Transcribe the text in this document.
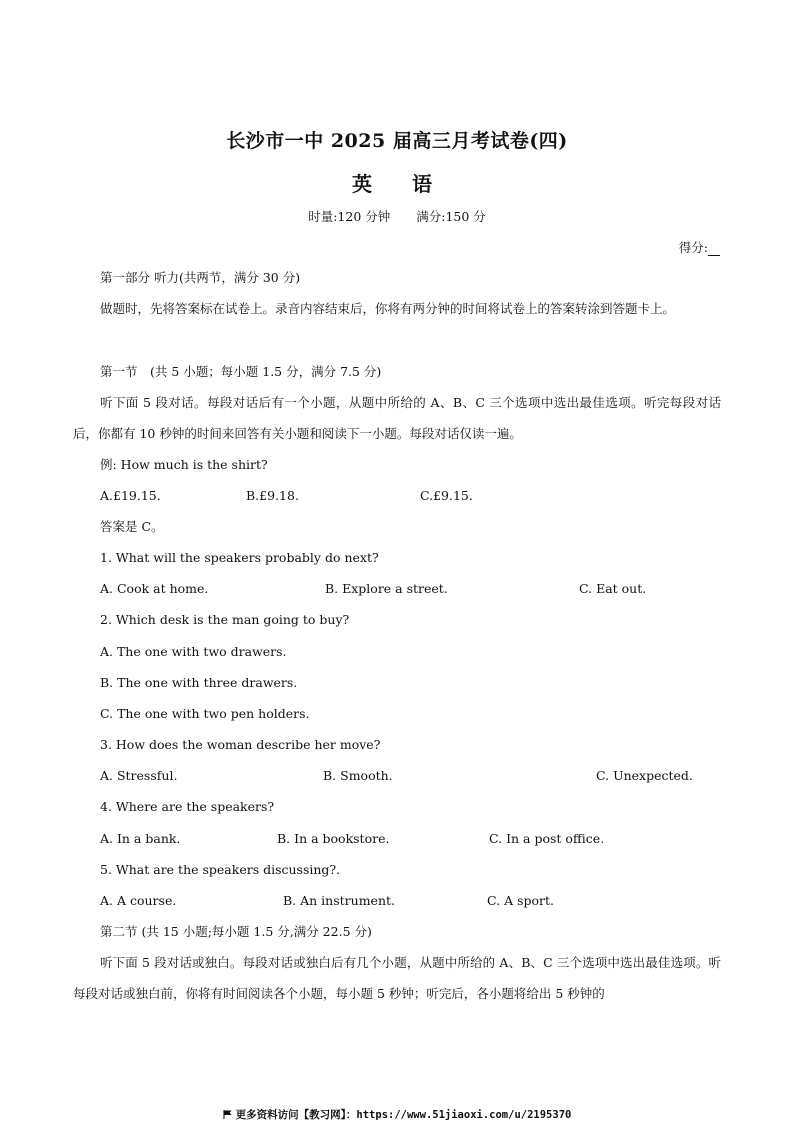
长沙市一中 2025 届高三月考试卷(四)
英　语
时量:120 分钟 满分:150 分
得分:
第一部分 听力(共两节，满分 30 分)
做题时，先将答案标在试卷上。录音内容结束后，你将有两分钟的时间将试卷上的答案转涂到答题卡上。
第一节　(共 5 小题；每小题 1.5 分，满分 7.5 分)
听下面 5 段对话。每段对话后有一个小题，从题中所给的 A、B、C 三个选项中选出最佳选项。听完每段对话后，你都有 10 秒钟的时间来回答有关小题和阅读下一小题。每段对话仅读一遍。
例: How much is the shirt?
A.£19.15.	B.£9.18.	C.£9.15.
答案是 C。
1. What will the speakers probably do next?
A. Cook at home.	B. Explore a street.	C. Eat out.
2. Which desk is the man going to buy?
A. The one with two drawers.
B. The one with three drawers.
C. The one with two pen holders.
3. How does the woman describe her move?
A. Stressful.	B. Smooth.	C. Unexpected.
4. Where are the speakers?
A. In a bank.	B. In a bookstore.	C. In a post office.
5. What are the speakers discussing?.
A. A course.	B. An instrument.	C. A sport.
第二节 (共 15 小题;每小题 1.5 分,满分 22.5 分)
听下面 5 段对话或独白。每段对话或独白后有几个小题，从题中所给的 A、B、C 三个选项中选出最佳选项。听每段对话或独白前，你将有时间阅读各个小题，每小题 5 秒钟；听完后，各小题将给出 5 秒钟的
更多资料访问【教习网】：https://www.51jiaoxi.com/u/2195370
